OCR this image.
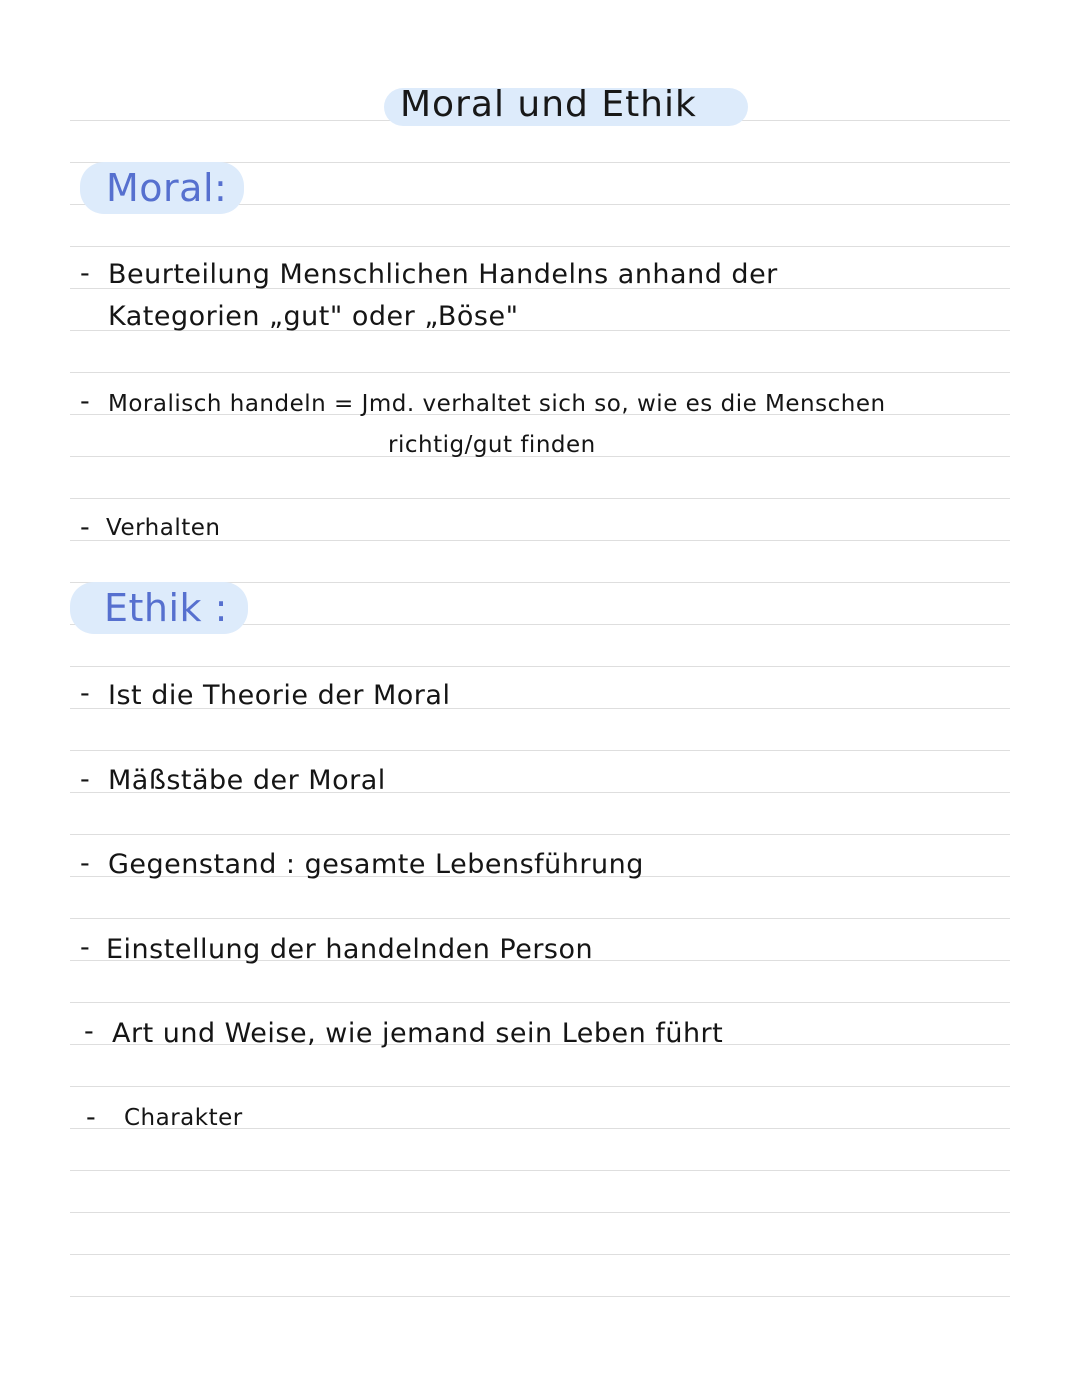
Moral und Ethik
Moral:
- Beurteilung Menschlichen Handelns anhand der
Kategorien „gut" oder „Böse"
- Moralisch handeln = Jmd. verhaltet sich so, wie es die Menschen
richtig/gut finden
- Verhalten
Ethik :
- Ist die Theorie der Moral
- Mäßstäbe der Moral
- Gegenstand : gesamte Lebensführung
- Einstellung der handelnden Person
- Art und Weise, wie jemand sein Leben führt
- Charakter
